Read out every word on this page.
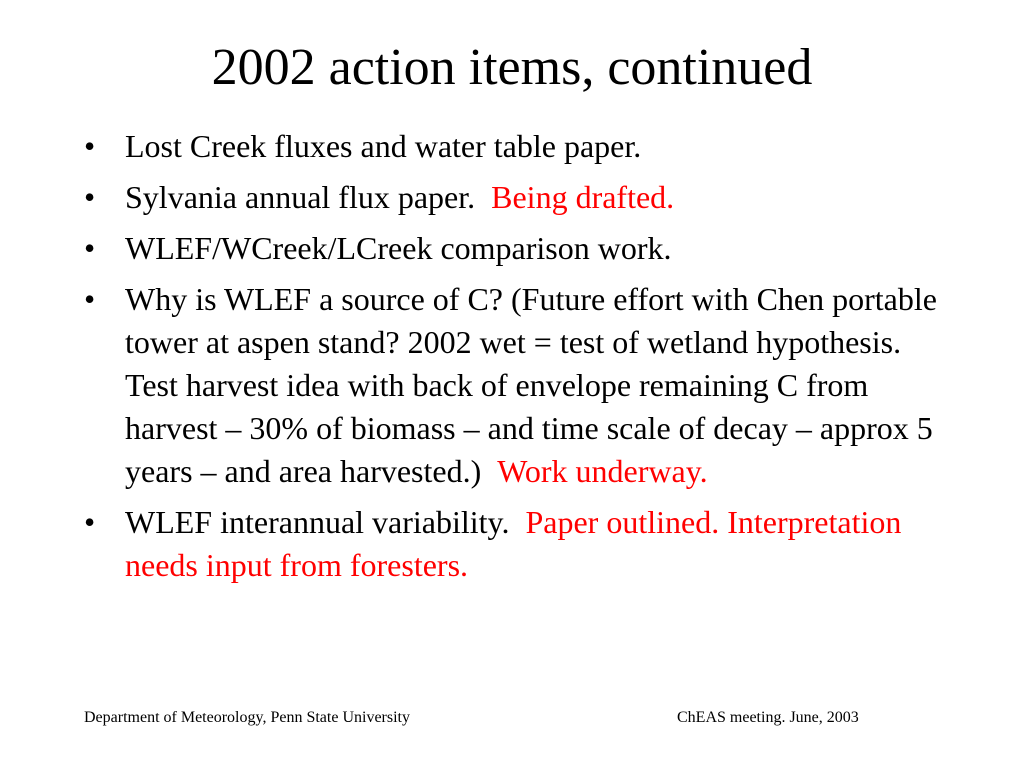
2002 action items, continued
• Lost Creek fluxes and water table paper.
• Sylvania annual flux paper.  Being drafted.
• WLEF/WCreek/LCreek comparison work.
• Why is WLEF a source of C? (Future effort with Chen portable tower at aspen stand? 2002 wet = test of wetland hypothesis. Test harvest idea with back of envelope remaining C from harvest – 30% of biomass – and time scale of decay – approx 5 years – and area harvested.)  Work underway.
• WLEF interannual variability.  Paper outlined. Interpretation needs input from foresters.
Department of Meteorology, Penn State University	ChEAS meeting. June, 2003
